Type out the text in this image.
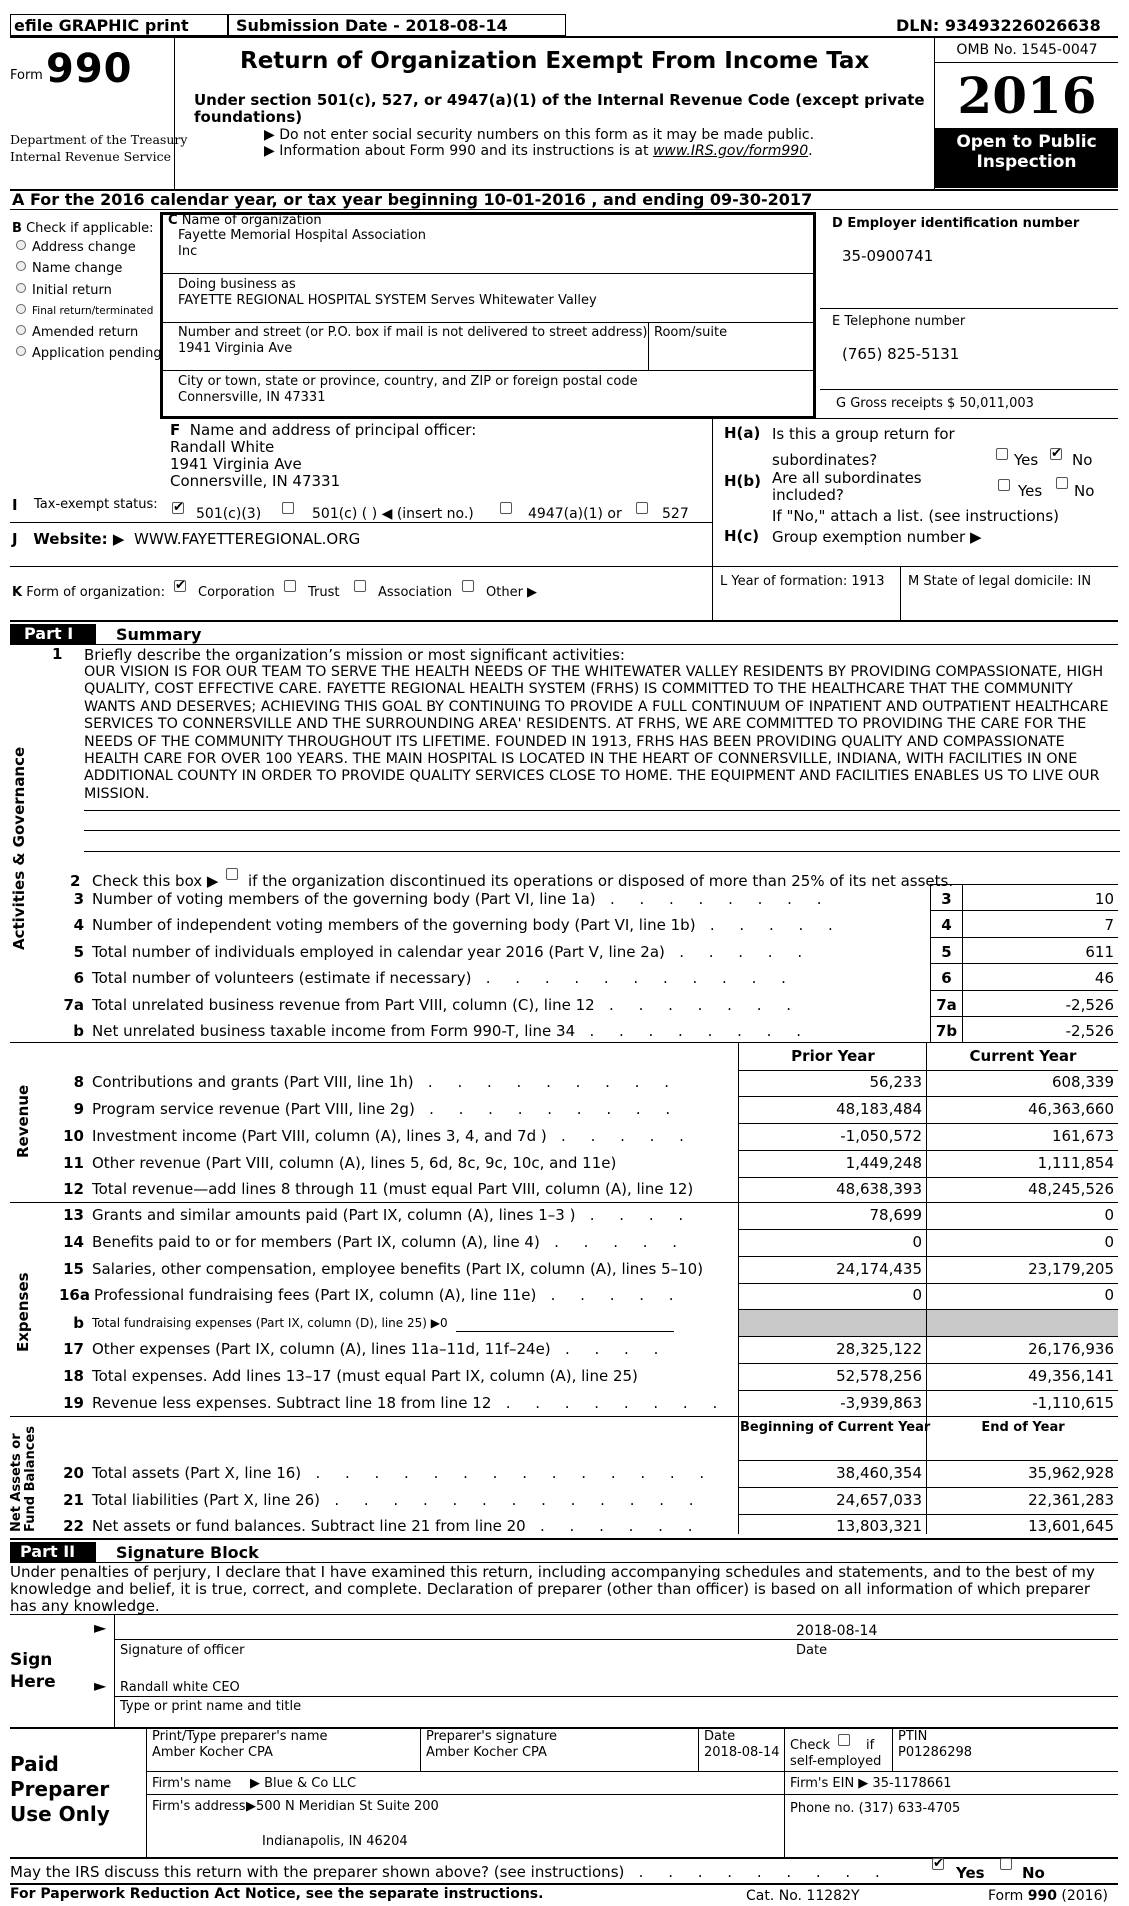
efile GRAPHIC print	Submission Date - 2018-08-14	DLN: 93493226026638
Form 990
Department of the Treasury
Internal Revenue Service
Return of Organization Exempt From Income Tax
Under section 501(c), 527, or 4947(a)(1) of the Internal Revenue Code (except private foundations)
▶ Do not enter social security numbers on this form as it may be made public.
▶ Information about Form 990 and its instructions is at www.IRS.gov/form990.
OMB No. 1545-0047
2016
Open to Public
Inspection
A For the 2016 calendar year, or tax year beginning 10-01-2016 , and ending 09-30-2017
B Check if applicable:
Address change
Name change
Initial return
Final return/terminated
Amended return
Application pending
C Name of organization
Fayette Memorial Hospital Association
Inc
Doing business as
FAYETTE REGIONAL HOSPITAL SYSTEM Serves Whitewater Valley
Number and street (or P.O. box if mail is not delivered to street address) Room/suite
1941 Virginia Ave
City or town, state or province, country, and ZIP or foreign postal code
Connersville, IN 47331
D Employer identification number
35-0900741
E Telephone number
(765) 825-5131
G Gross receipts $ 50,011,003
F Name and address of principal officer:
Randall White
1941 Virginia Ave
Connersville, IN 47331
H(a) Is this a group return for
subordinates?	Yes ✔ No
H(b) Are all subordinates
included?	Yes No
If "No," attach a list. (see instructions)
H(c) Group exemption number ▶
I Tax-exempt status: ✔ 501(c)(3)	501(c) ( ) ◀ (insert no.)	4947(a)(1) or	527
J Website: ▶ WWW.FAYETTEREGIONAL.ORG
K Form of organization: ✔ Corporation	Trust	Association	Other ▶
L Year of formation: 1913 M State of legal domicile: IN
Part I	Summary
Activities & Governance
Revenue
Expenses
Net Assets or Fund Balances
1 Briefly describe the organization’s mission or most significant activities:
OUR VISION IS FOR OUR TEAM TO SERVE THE HEALTH NEEDS OF THE WHITEWATER VALLEY RESIDENTS BY PROVIDING COMPASSIONATE, HIGH QUALITY, COST EFFECTIVE CARE. FAYETTE REGIONAL HEALTH SYSTEM (FRHS) IS COMMITTED TO THE HEALTHCARE THAT THE COMMUNITY WANTS AND DESERVES; ACHIEVING THIS GOAL BY CONTINUING TO PROVIDE A FULL CONTINUUM OF INPATIENT AND OUTPATIENT HEALTHCARE SERVICES TO CONNERSVILLE AND THE SURROUNDING AREA' RESIDENTS. AT FRHS, WE ARE COMMITTED TO PROVIDING THE CARE FOR THE NEEDS OF THE COMMUNITY THROUGHOUT ITS LIFETIME. FOUNDED IN 1913, FRHS HAS BEEN PROVIDING QUALITY AND COMPASSIONATE HEALTH CARE FOR OVER 100 YEARS. THE MAIN HOSPITAL IS LOCATED IN THE HEART OF CONNERSVILLE, INDIANA, WITH FACILITIES IN ONE ADDITIONAL COUNTY IN ORDER TO PROVIDE QUALITY SERVICES CLOSE TO HOME. THE EQUIPMENT AND FACILITIES ENABLES US TO LIVE OUR MISSION.
2 Check this box ▶ if the organization discontinued its operations or disposed of more than 25% of its net assets.
3 Number of voting members of the governing body (Part VI, line 1a) . . . . . . . .	3	10
4 Number of independent voting members of the governing body (Part VI, line 1b) . . . . .	4	7
5 Total number of individuals employed in calendar year 2016 (Part V, line 2a) . . . . .	5	611
6 Total number of volunteers (estimate if necessary) . . . . . . . . . . .	6	46
7a Total unrelated business revenue from Part VIII, column (C), line 12 . . . . . . .	7a	-2,526
b Net unrelated business taxable income from Form 990-T, line 34 . . . . . . . .	7b	-2,526
Prior Year	Current Year
8 Contributions and grants (Part VIII, line 1h) . . . . . . . . .	56,233	608,339
9 Program service revenue (Part VIII, line 2g) . . . . . . . . .	48,183,484	46,363,660
10 Investment income (Part VIII, column (A), lines 3, 4, and 7d ) . . . . .	-1,050,572	161,673
11 Other revenue (Part VIII, column (A), lines 5, 6d, 8c, 9c, 10c, and 11e)	1,449,248	1,111,854
12 Total revenue—add lines 8 through 11 (must equal Part VIII, column (A), line 12)	48,638,393	48,245,526
13 Grants and similar amounts paid (Part IX, column (A), lines 1–3 ) . . . .	78,699	0
14 Benefits paid to or for members (Part IX, column (A), line 4) . . . . .	0	0
15 Salaries, other compensation, employee benefits (Part IX, column (A), lines 5–10)	24,174,435	23,179,205
16a Professional fundraising fees (Part IX, column (A), line 11e) . . . . .	0	0
b Total fundraising expenses (Part IX, column (D), line 25) ▶0
17 Other expenses (Part IX, column (A), lines 11a–11d, 11f–24e) . . . .	28,325,122	26,176,936
18 Total expenses. Add lines 13–17 (must equal Part IX, column (A), line 25)	52,578,256	49,356,141
19 Revenue less expenses. Subtract line 18 from line 12 . . . . . . . .	-3,939,863	-1,110,615
Beginning of Current Year	End of Year
20 Total assets (Part X, line 16) . . . . . . . . . . . . . .	38,460,354	35,962,928
21 Total liabilities (Part X, line 26) . . . . . . . . . . . . .	24,657,033	22,361,283
22 Net assets or fund balances. Subtract line 21 from line 20 . . . . . .	13,803,321	13,601,645
Part II	Signature Block
Under penalties of perjury, I declare that I have examined this return, including accompanying schedules and statements, and to the best of my knowledge and belief, it is true, correct, and complete. Declaration of preparer (other than officer) is based on all information of which preparer has any knowledge.
Sign
Here
►
►
2018-08-14
Signature of officer	Date
Randall white CEO
Type or print name and title
Paid
Preparer
Use Only
Print/Type preparer's name
Amber Kocher CPA
Preparer's signature
Amber Kocher CPA
Date
2018-08-14 Check	if
self-employed
PTIN
P01286298
Firm's name ▶ Blue & Co LLC	Firm's EIN ▶ 35-1178661
Firm's address ▶500 N Meridian St Suite 200
Indianapolis, IN 46204
Phone no. (317) 633-4705
May the IRS discuss this return with the preparer shown above? (see instructions) . . . . . . . . .	✔
Yes No
For Paperwork Reduction Act Notice, see the separate instructions.	Cat. No. 11282Y	Form 990 (2016)
